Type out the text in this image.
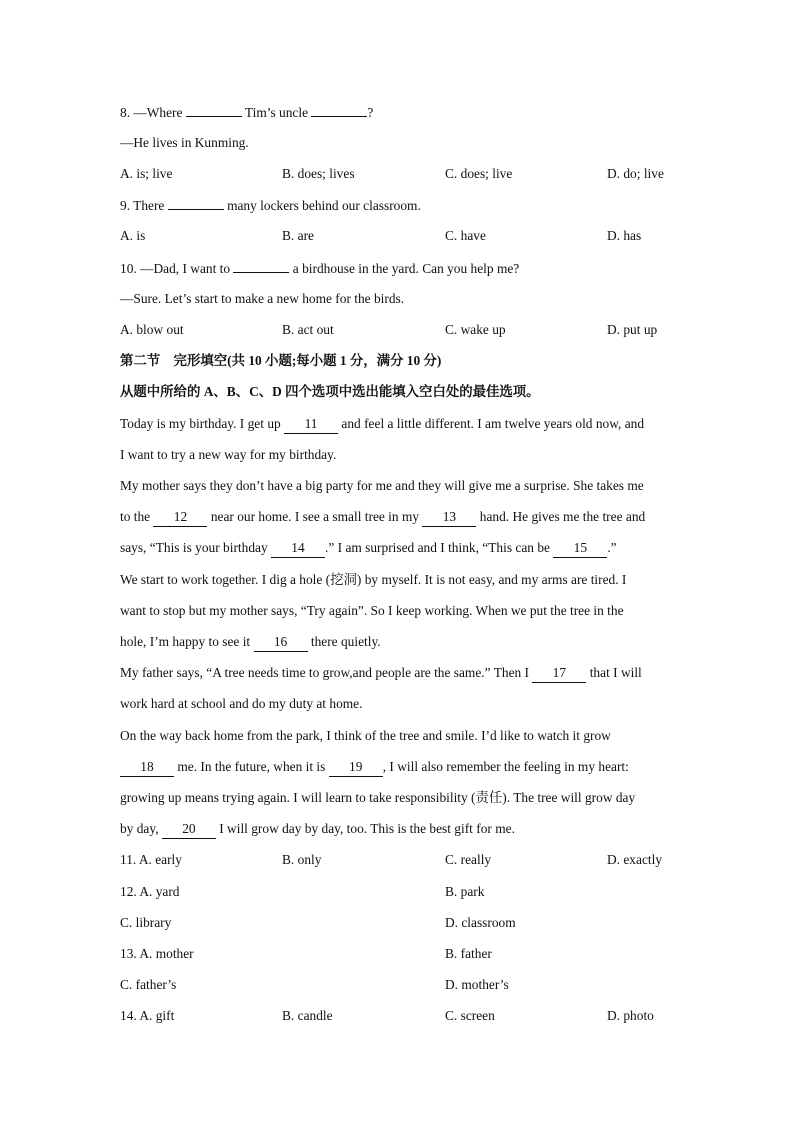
8. —Where	Tim’s uncle	?
—He lives in Kunming.
A. is; live	B. does; lives	C. does; live	D. do; live
9. There	many lockers behind our classroom.
A. is	B. are	C. have	D. has
10. —Dad, I want to	a birdhouse in the yard. Can you help me?
—Sure. Let’s start to make a new home for the birds.
A. blow out	B. act out	C. wake up	D. put up
第二节　完形填空(共 10 小题;每小题 1 分，满分 10 分)
从题中所给的 A、B、C、D 四个选项中选出能填入空白处的最佳选项。
Today is my birthday. I get up 11 and feel a little different. I am twelve years old now, and
I want to try a new way for my birthday.
My mother says they don’t have a big party for me and they will give me a surprise. She takes me
to the 12 near our home. I see a small tree in my 13 hand. He gives me the tree and
says, “This is your birthday 14 .” I am surprised and I think, “This can be 15 .”
We start to work together. I dig a hole (挖洞) by myself. It is not easy, and my arms are tired. I
want to stop but my mother says, “Try again”. So I keep working. When we put the tree in the
hole, I’m happy to see it 16 there quietly.
My father says, “A tree needs time to grow,and people are the same.” Then I 17 that I will
work hard at school and do my duty at home.
On the way back home from the park, I think of the tree and smile. I’d like to watch it grow
18 me. In the future, when it is 19 , I will also remember the feeling in my heart:
growing up means trying again. I will learn to take responsibility (责任). The tree will grow day
by day, 20 I will grow day by day, too. This is the best gift for me.
11. A. early	B. only	C. really	D. exactly
12. A. yard	B. park
C. library	D. classroom
13. A. mother	B. father
C. father’s	D. mother’s
14. A. gift	B. candle	C. screen	D. photo
